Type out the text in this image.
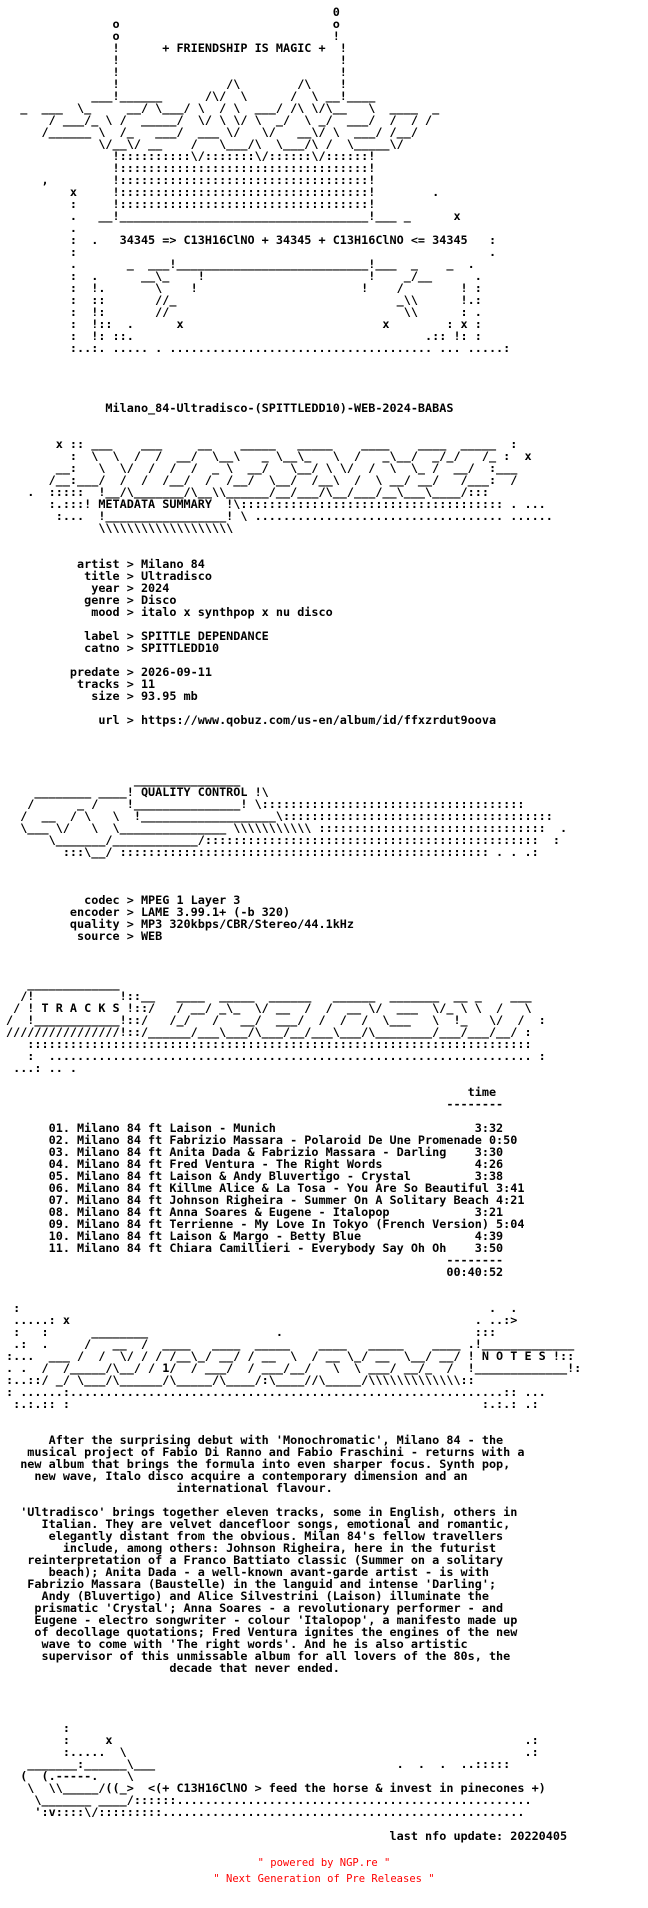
0
o                              o
o                              !
!      + FRIENDSHIP IS MAGIC +  !
!                               !
!                               !
!               /\        /\    !
___!______      /\/  \      /  \ __!____
_  ___  \_     __/ \___/ \  / \  ___/ /\ \/\__   \  ____  _
/ ___/_ \ /  _____/  \/ \ \/ \  _/  \ _/  ___/  /  / /
/______ \  /_   ___/  ___ \/   \/   __\/ \  ___/ /__/
\/__\/ __    /   \___/\  \___/\ /  \_____\/
!::::::::::\/:::::::\/::::::\/::::::!
!:::::::::::::::::::::::::::::::::::!
,         !:::::::::::::::::::::::::::::::::::!
x     !:::::::::::::::::::::::::::::::::::!        .
:     !:::::::::::::::::::::::::::::::::::!
.   __!___________________________________!___ _      x
.
:  .   34345 => C13H16ClNO + 34345 + C13H16ClNO <= 34345   :
:                                                          .
.       _  ___!___________________________!___  _    _  .
:  .      __\_    !                       !    _/__      .
:  !.       \    !                       !    /        ! :
:  ::       //_                               _\\      !.:
:  !:       //                                 \\      : .
:  !::  .      x                            x        : x :
:  !: ::.                                         .:: !: :
:..:. ..... . ..................................... ... .....:
Milano_84-Ultradisco-(SPITTLEDD10)-WEB-2024-BABAS
x :: ___    ___     __    _____   _____    ____    ____  _____  :
:  \  \  /  /  __/  \__\   _ \__\_   \  /   _\__/  _/_/   /_ :  x
__:   \  \/  /  /  /  _ \  __/   \__/ \ \/  /  \  \_ /  __/  :___
/__:___/  /  /  /__/  /  /__/  \__/  /__\  /  \ __/ __/   /___:  /
.  :::::  !__/\_______/\__\\______/__/___/\__/___/__\___\____/:::
:.:::! METADATA SUMMARY  !\::::::::::::::::::::::::::::::::::::: . ...
:...  !_________________! \ ................................... ......
\\\\\\\\\\\\\\\\\\\
artist > Milano 84
title > Ultradisco
year > 2024
genre > Disco
mood > italo x synthpop x nu disco
label > SPITTLE DEPENDANCE
catno > SPITTLEDD10
predate > 2026-09-11
tracks > 11
size > 93.95 mb
url > https://www.qobuz.com/us-en/album/id/ffxzrdut9oova
_______________
________ ____! QUALITY CONTROL !\
/      _ /    !_______________! \:::::::::::::::::::::::::::::::::::::
/  __  / \   \  !___________________\::::::::::::::::::::::::::::::::::::::
\___ \/   \  \_______________ \\\\\\\\\\\ ::::::::::::::::::::::::::::::::  .
\_______/____________/:::::::::::::::::::::::::::::::::::::::::::::::  :
:::\__/ :::::::::::::::::::::::::::::::::::::::::::::::::::: . . .:
codec > MPEG 1 Layer 3
encoder > LAME 3.99.1+ (-b 320)
quality > MP3 320kbps/CBR/Stereo/44.1kHz
source > WEB
_____________
/!            !::__   ____  _____  ______   ______  _______  __ _    ___
/ ! T R A C K S !::/   / __/ _\_  \/ __  /  /  __ \/  ___  \/_ \ \  /   \
/  !____________!::/   /_/   /   __/  ___/  /  /  /  \___   \  !_   \/  /  :
////////////////!::/______/___\___/\___/__/___\___/\________/___/___/__/ :
:::::::::::::::::::::::::::::::::::::::::::::::::::::::::::::::::::::::
:  .................................................................... :
...: .. .
time
--------
01. Milano 84 ft Laison - Munich                            3:32
02. Milano 84 ft Fabrizio Massara - Polaroid De Une Promenade 0:50
03. Milano 84 ft Anita Dada & Fabrizio Massara - Darling    3:30
04. Milano 84 ft Fred Ventura - The Right Words             4:26
05. Milano 84 ft Laison & Andy Bluvertigo - Crystal         3:38
06. Milano 84 ft Killme Alice & La Tosa - You Are So Beautiful 3:41
07. Milano 84 ft Johnson Righeira - Summer On A Solitary Beach 4:21
08. Milano 84 ft Anna Soares & Eugene - Italopop            3:21
09. Milano 84 ft Terrienne - My Love In Tokyo (French Version) 5:04
10. Milano 84 ft Laison & Margo - Betty Blue                4:39
11. Milano 84 ft Chiara Camillieri - Everybody Say Oh Oh    3:50
--------
00:40:52
:                                                                  .  .
.....: x                                                         . ..:>
:   :      ________                  .                           :::
.:  .     /   __  /  ____   ____  _____    ____   _____    ____ .!_____________
:...  ___ /  /  \/ / / /__\_/ __/ / __  \  / __ \_/ __  \__/ __/ ! N O T E S !::
. .  /  /_____/\__/ / 1/  / ___/  / ___/__/   \  \ ___/ __/_  /  !_____________!:
:..::/ _/ \___/\______/\_____/\____/:\____//\_____/\\\\\\\\\\\\\::
: ......:.............................................................:: ...
:.:.:: :                                                          :.:.: .:
After the surprising debut with 'Monochromatic', Milano 84 - the
musical project of Fabio Di Ranno and Fabio Fraschini - returns with a
new album that brings the formula into even sharper focus. Synth pop,
new wave, Italo disco acquire a contemporary dimension and an
international flavour.
'Ultradisco' brings together eleven tracks, some in English, others in
Italian. They are velvet dancefloor songs, emotional and romantic,
elegantly distant from the obvious. Milan 84's fellow travellers
include, among others: Johnson Righeira, here in the futurist
reinterpretation of a Franco Battiato classic (Summer on a solitary
beach); Anita Dada - a well-known avant-garde artist - is with
Fabrizio Massara (Baustelle) in the languid and intense 'Darling';
Andy (Bluvertigo) and Alice Silvestrini (Laison) illuminate the
prismatic 'Crystal'; Anna Soares - a revolutionary performer - and
Eugene - electro songwriter - colour 'Italopop', a manifesto made up
of decollage quotations; Fred Ventura ignites the engines of the new
wave to come with 'The right words'. And he is also artistic
supervisor of this unmissable album for all lovers of the 80s, the
decade that never ended.
:
:     x                                                          .:
:.....  \                                                        .:
_______:______\___                                  .  .  .  ..:::::
(  (.-----.    \
\  \\_____/((_>  <(+ C13H16ClNO > feed the horse & invest in pinecones +)
\_______ ____/::::::..................................................
':v::::\/:::::::::...................................................
last nfo update: 20220405
" powered by NGP.re "
" Next Generation of Pre Releases "
